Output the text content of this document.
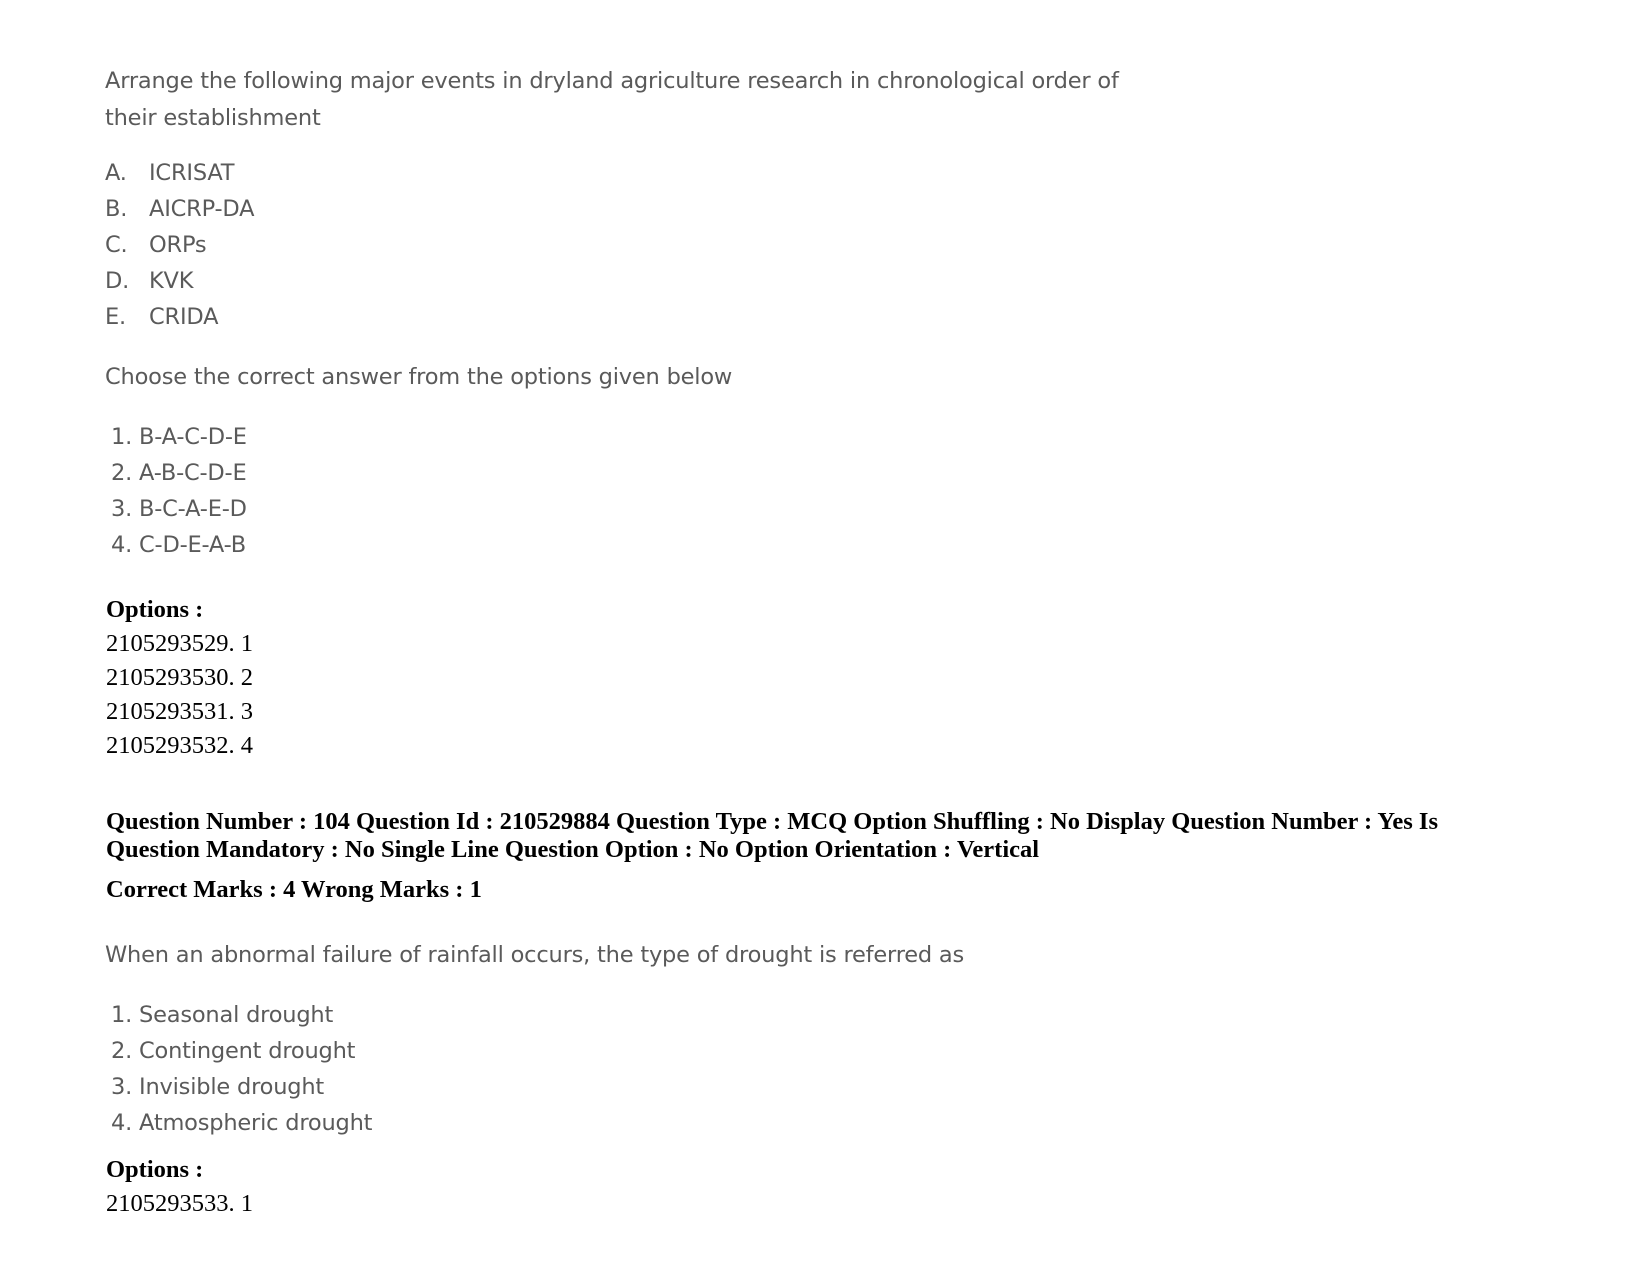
Arrange the following major events in dryland agriculture research in chronological order of
their establishment
A. ICRISAT
B. AICRP-DA
C. ORPs
D. KVK
E. CRIDA
Choose the correct answer from the options given below
1. B-A-C-D-E
2. A-B-C-D-E
3. B-C-A-E-D
4. C-D-E-A-B
Options :
2105293529. 1
2105293530. 2
2105293531. 3
2105293532. 4
Question Number : 104 Question Id : 210529884 Question Type : MCQ Option Shuffling : No Display Question Number : Yes Is
Question Mandatory : No Single Line Question Option : No Option Orientation : Vertical
Correct Marks : 4 Wrong Marks : 1
When an abnormal failure of rainfall occurs, the type of drought is referred as
1. Seasonal drought
2. Contingent drought
3. Invisible drought
4. Atmospheric drought
Options :
2105293533. 1
